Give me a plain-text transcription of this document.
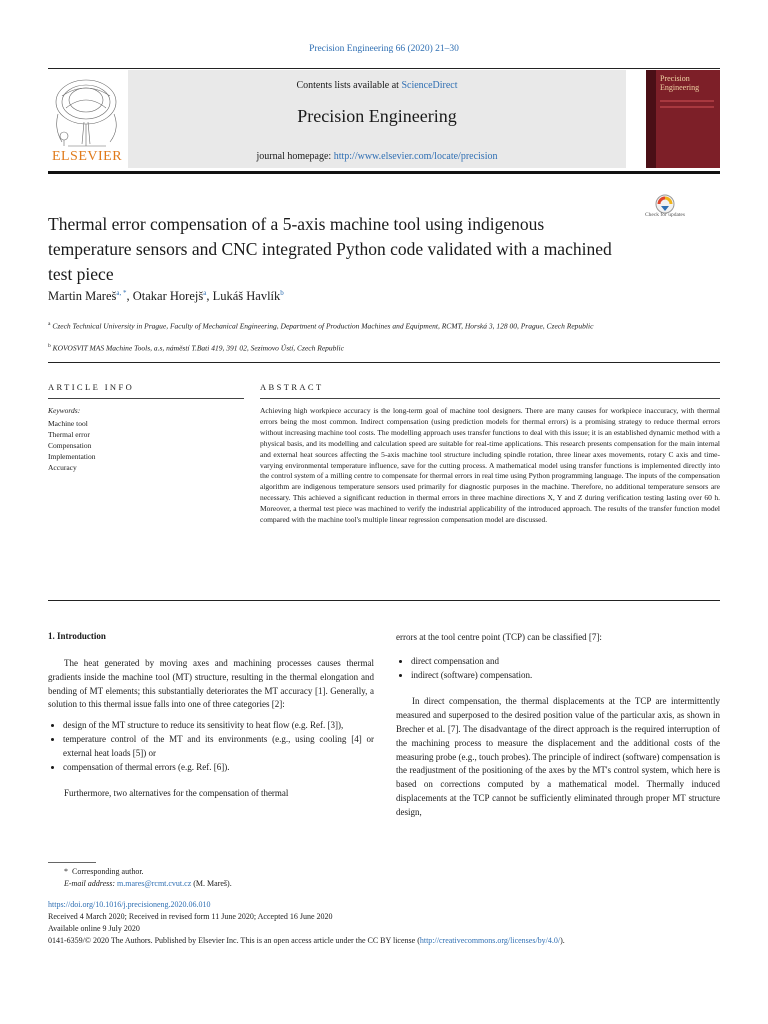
Precision Engineering 66 (2020) 21–30
ELSEVIER
Contents lists available at ScienceDirect
Precision Engineering
journal homepage: http://www.elsevier.com/locate/precision
Precision Engineering
Check for updates
Thermal error compensation of a 5-axis machine tool using indigenous temperature sensors and CNC integrated Python code validated with a machined test piece
Martin Mareš$^{a, *}$, Otakar Horejš$^a$, Lukáš Havlík$^b$
$^a$ Czech Technical University in Prague, Faculty of Mechanical Engineering, Department of Production Machines and Equipment, RCMT, Horská 3, 128 00, Prague, Czech Republic
$^b$ KOVOSVIT MAS Machine Tools, a.s, náměstí T.Bati 419, 391 02, Sezimovo Ústí, Czech Republic
ARTICLE INFO	ABSTRACT
Keywords:
Machine tool
Thermal error
Compensation
Implementation
Accuracy
Achieving high workpiece accuracy is the long-term goal of machine tool designers. There are many causes for workpiece inaccuracy, with thermal errors being the most common. Indirect compensation (using prediction models for thermal errors) is a promising strategy to reduce thermal errors without increasing machine tool costs. The modelling approach uses transfer functions to deal with this issue; it is an established dynamic method with a physical basis, and its modelling and calculation speed are suitable for real-time applications. This research presents compensation for the main internal and external heat sources affecting the 5-axis machine tool structure including spindle rotation, three linear axes movements, rotary C axis and time-varying environmental temperature influence, save for the cutting process. A mathematical model using transfer functions is implemented directly into the control system of a milling centre to compensate for thermal errors in real time using Python programming language. The inputs of the compensation algorithm are indigenous temperature sensors used primarily for diagnostic purposes in the machine. Therefore, no additional temperature sensors are necessary. This achieved a significant reduction in thermal errors in three machine directions X, Y and Z during verification testing lasting over 60 h. Moreover, a thermal test piece was machined to verify the industrial applicability of the introduced approach. The results of the transfer function model compared with the machine tool's multiple linear regression compensation model are discussed.
1. Introduction

The heat generated by moving axes and machining processes causes thermal gradients inside the machine tool (MT) structure, resulting in the thermal elongation and bending of MT elements; this substantially deteriorates the MT accuracy [1]. Generally, a solution to this thermal issue falls into one of three categories [2]:

• design of the MT structure to reduce its sensitivity to heat flow (e.g. Ref. [3]),
• temperature control of the MT and its environments (e.g., using cooling [4] or external heat loads [5]) or
• compensation of thermal errors (e.g. Ref. [6]).

Furthermore, two alternatives for the compensation of thermal

errors at the tool centre point (TCP) can be classified [7]:

• direct compensation and
• indirect (software) compensation.

In direct compensation, the thermal displacements at the TCP are intermittently measured and superposed to the desired position value of the particular axis, as shown in Brecher et al. [7]. The disadvantage of the direct approach is the required interruption of the machining process to measure the displacement and the additional costs of the measuring probe (e.g., touch probes). The principle of indirect (software) compensation is the readjustment of the positioning of the axes by the MT's control system, which here is based on corrections computed by a mathematical model. Thermally induced displacements at the TCP cannot be sufficiently eliminated through proper MT structure design,

*  Corresponding author.
E-mail address: m.mares@rcmt.cvut.cz (M. Mareš).
https://doi.org/10.1016/j.precisioneng.2020.06.010
Received 4 March 2020; Received in revised form 11 June 2020; Accepted 16 June 2020
Available online 9 July 2020
0141-6359/© 2020 The Authors. Published by Elsevier Inc. This is an open access article under the CC BY license (http://creativecommons.org/licenses/by/4.0/).
